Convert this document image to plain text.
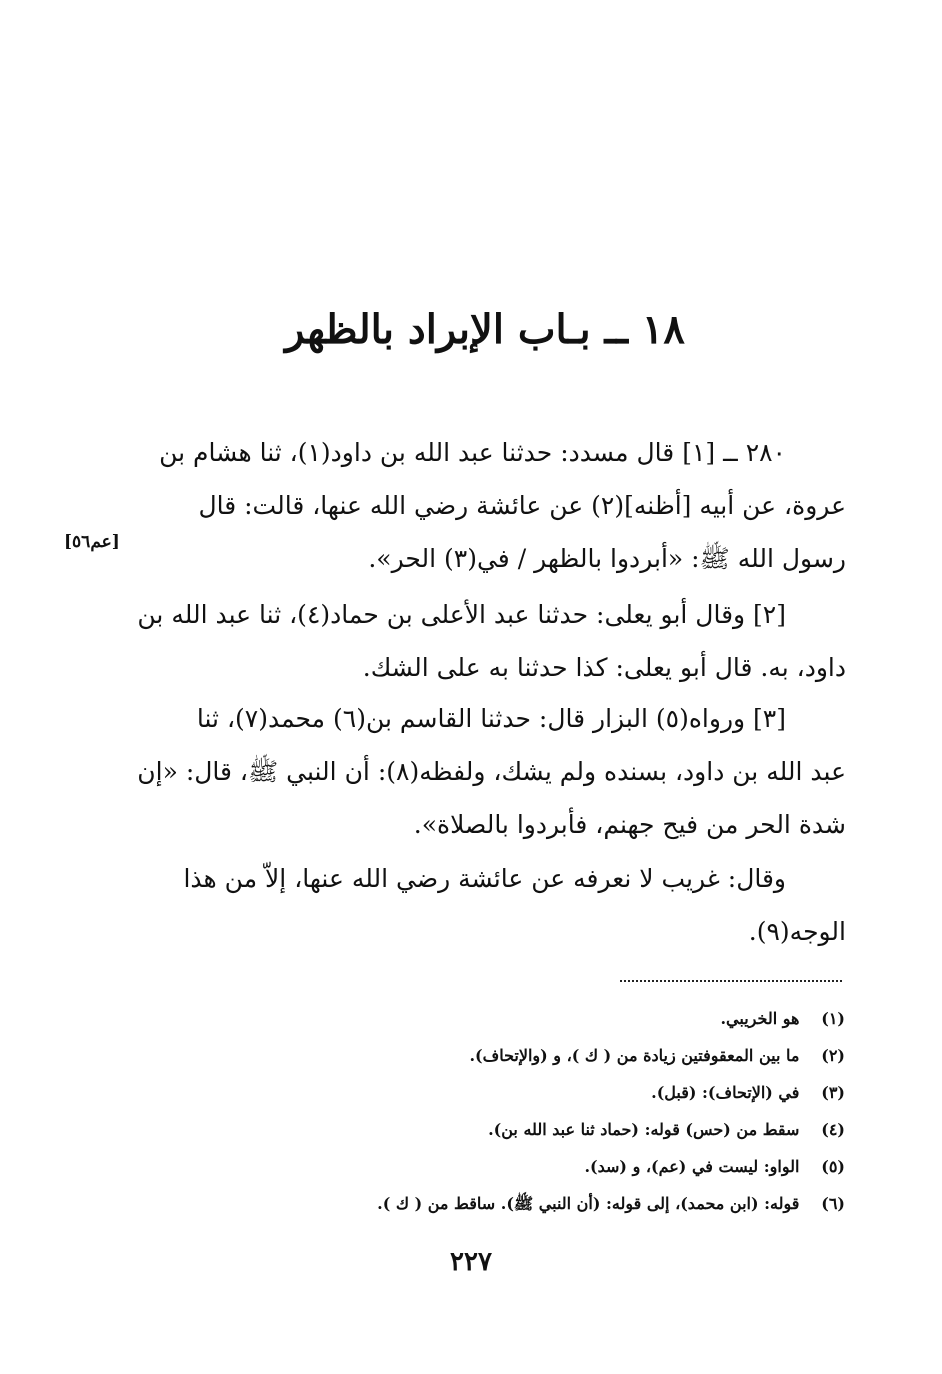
١٨ ــ بـاب الإبراد بالظهر
[عم٥٦]
٢٨٠ ــ [١] قال مسدد: حدثنا عبد الله بن داود(١)، ثنا هشام بن
عروة، عن أبيه [أظنه](٢) عن عائشة رضي الله عنها، قالت: قال
رسول الله ﷺ: «أبردوا بالظهر / في(٣) الحر».
[٢] وقال أبو يعلى: حدثنا عبد الأعلى بن حماد(٤)، ثنا عبد الله بن
داود، به. قال أبو يعلى: كذا حدثنا به على الشك.
[٣] ورواه(٥) البزار قال: حدثنا القاسم بن(٦) محمد(٧)، ثنا
عبد الله بن داود، بسنده ولم يشك، ولفظه(٨): أن النبي ﷺ، قال: «إن
شدة الحر من فيح جهنم، فأبردوا بالصلاة».
وقال: غريب لا نعرفه عن عائشة رضي الله عنها، إلاّ من هذا
الوجه(٩).
(١) هو الخريبي.
(٢) ما بين المعقوفتين زيادة من ( ك )، و (والإتحاف).
(٣) في (الإتحاف): (قبل).
(٤) سقط من (حس) قوله: (حماد ثنا عبد الله بن).
(٥) الواو: ليست في (عم)، و (سد).
(٦) قوله: (ابن محمد)، إلى قوله: (أن النبي ﷺ). ساقط من ( ك ).
٢٢٧
